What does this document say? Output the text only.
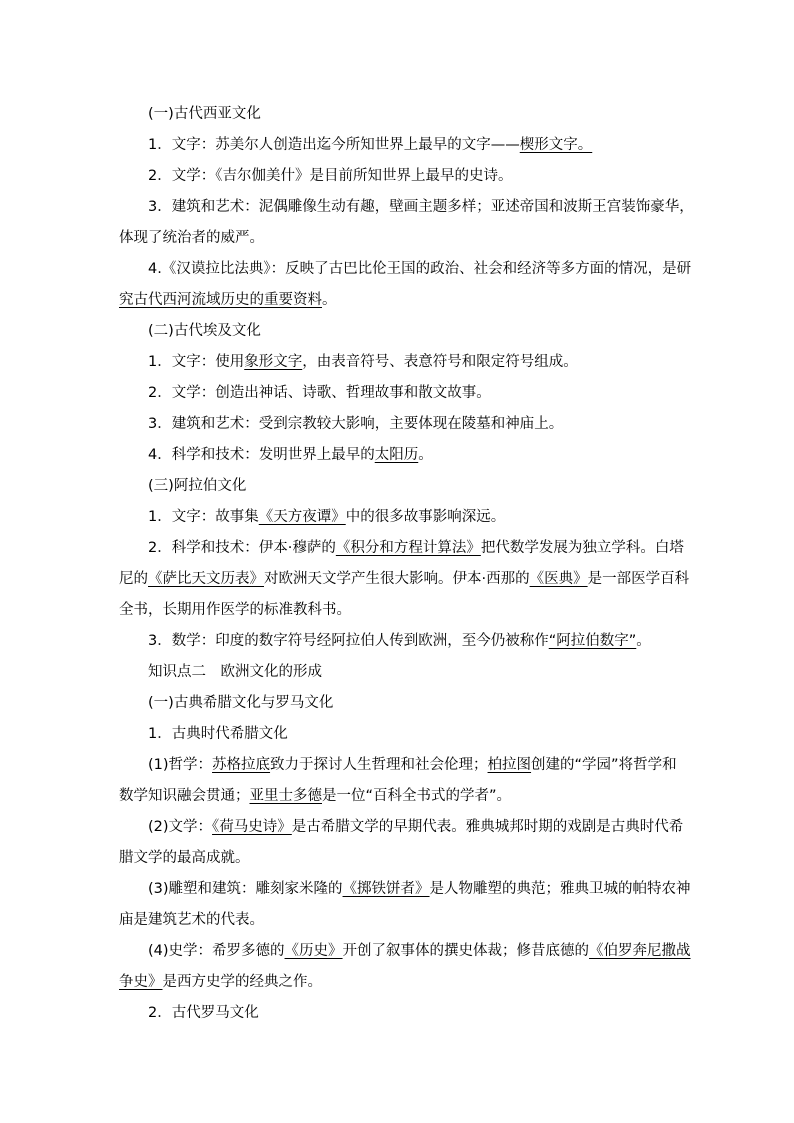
(一)古代西亚文化
1．文字：苏美尔人创造出迄今所知世界上最早的文字——楔形文字。
2．文学：《吉尔伽美什》是目前所知世界上最早的史诗。
3．建筑和艺术：泥偶雕像生动有趣，壁画主题多样；亚述帝国和波斯王宫装饰豪华，
体现了统治者的威严。
4.《汉谟拉比法典》：反映了古巴比伦王国的政治、社会和经济等多方面的情况，是研
究古代西河流域历史的重要资料。
(二)古代埃及文化
1．文字：使用象形文字，由表音符号、表意符号和限定符号组成。
2．文学：创造出神话、诗歌、哲理故事和散文故事。
3．建筑和艺术：受到宗教较大影响，主要体现在陵墓和神庙上。
4．科学和技术：发明世界上最早的太阳历。
(三)阿拉伯文化
1．文字：故事集《天方夜谭》中的很多故事影响深远。
2．科学和技术：伊本·穆萨的《积分和方程计算法》把代数学发展为独立学科。白塔
尼的《萨比天文历表》对欧洲天文学产生很大影响。伊本·西那的《医典》是一部医学百科
全书，长期用作医学的标准教科书。
3．数学：印度的数字符号经阿拉伯人传到欧洲，至今仍被称作“阿拉伯数字”。
知识点二　欧洲文化的形成
(一)古典希腊文化与罗马文化
1．古典时代希腊文化
(1)哲学：苏格拉底致力于探讨人生哲理和社会伦理；柏拉图创建的“学园”将哲学和
数学知识融会贯通；亚里士多德是一位“百科全书式的学者”。
(2)文学：《荷马史诗》是古希腊文学的早期代表。雅典城邦时期的戏剧是古典时代希
腊文学的最高成就。
(3)雕塑和建筑：雕刻家米隆的《掷铁饼者》是人物雕塑的典范；雅典卫城的帕特农神
庙是建筑艺术的代表。
(4)史学：希罗多德的《历史》开创了叙事体的撰史体裁；修昔底德的《伯罗奔尼撒战
争史》是西方史学的经典之作。
2．古代罗马文化
